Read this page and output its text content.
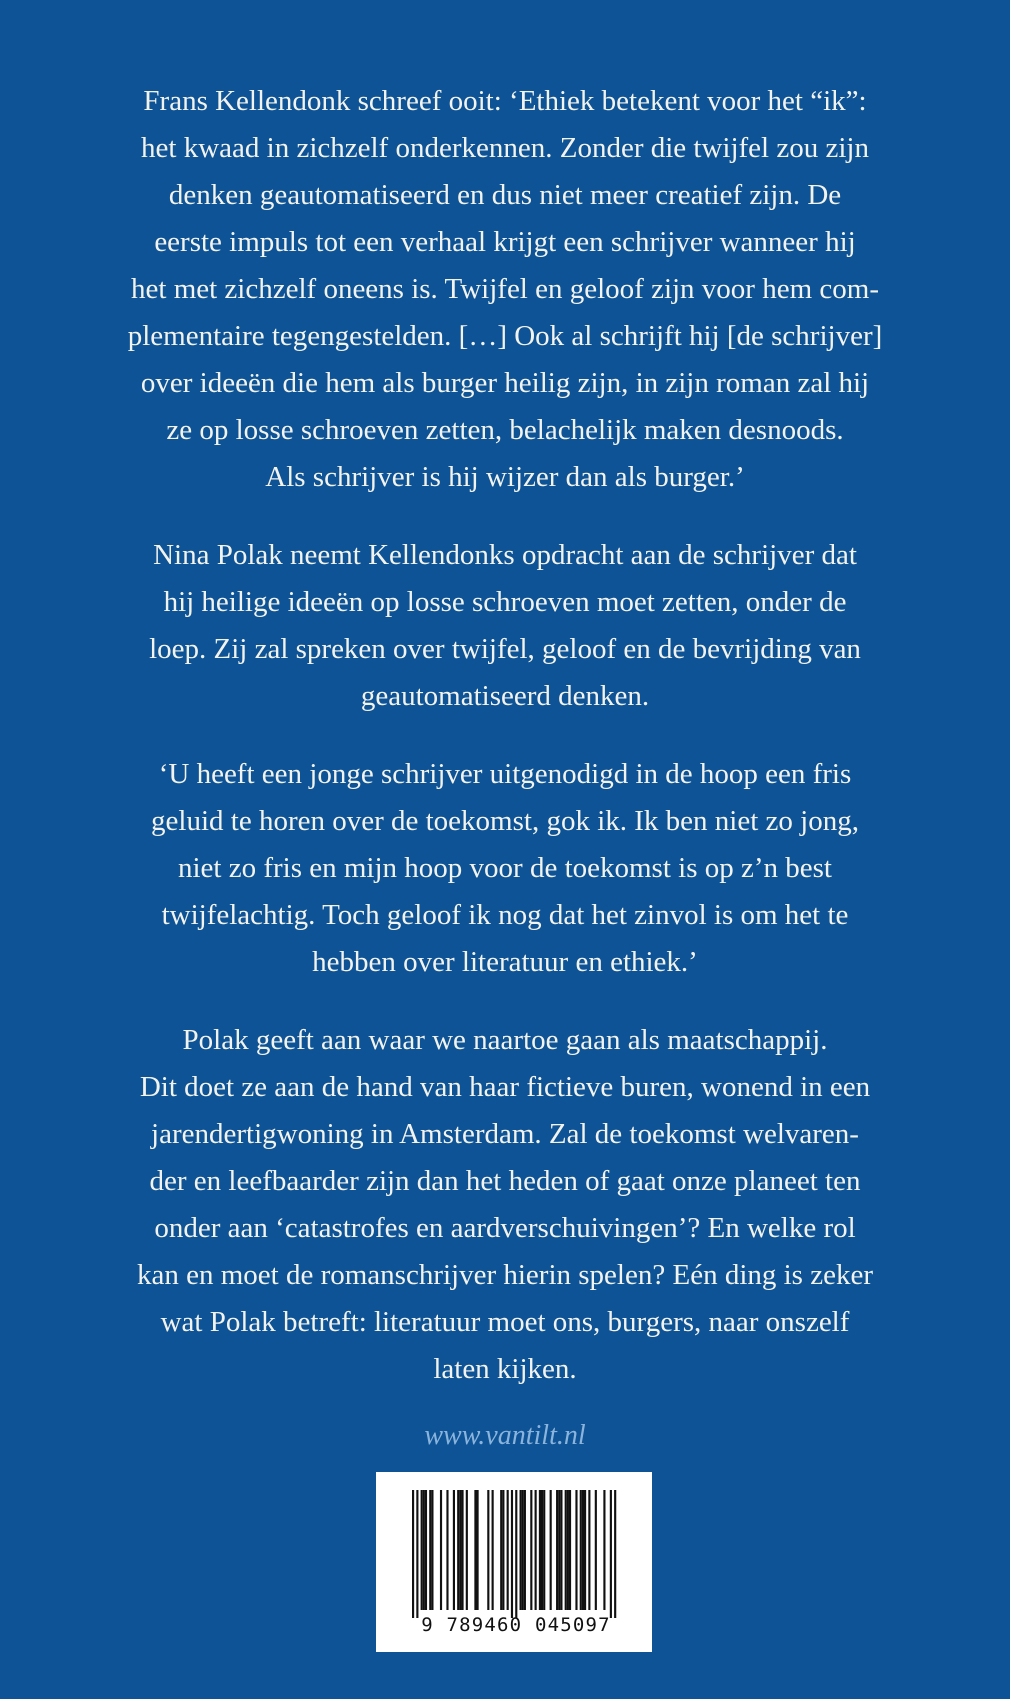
Frans Kellendonk schreef ooit: ‘Ethiek betekent voor het “ik”:
het kwaad in zichzelf onderkennen. Zonder die twijfel zou zijn
denken geautomatiseerd en dus niet meer creatief zijn. De
eerste impuls tot een verhaal krijgt een schrijver wanneer hij
het met zichzelf oneens is. Twijfel en geloof zijn voor hem com-
plementaire tegengestelden. […] Ook al schrijft hij [de schrijver]
over ideeën die hem als burger heilig zijn, in zijn roman zal hij
ze op losse schroeven zetten, belachelijk maken desnoods.
Als schrijver is hij wijzer dan als burger.’

Nina Polak neemt Kellendonks opdracht aan de schrijver dat
hij heilige ideeën op losse schroeven moet zetten, onder de
loep. Zij zal spreken over twijfel, geloof en de bevrijding van
geautomatiseerd denken.

‘U heeft een jonge schrijver uitgenodigd in de hoop een fris
geluid te horen over de toekomst, gok ik. Ik ben niet zo jong,
niet zo fris en mijn hoop voor de toekomst is op z’n best
twijfelachtig. Toch geloof ik nog dat het zinvol is om het te
hebben over literatuur en ethiek.’

Polak geeft aan waar we naartoe gaan als maatschappij.
Dit doet ze aan de hand van haar fictieve buren, wonend in een
jarendertigwoning in Amsterdam. Zal de toekomst welvaren-
der en leefbaarder zijn dan het heden of gaat onze planeet ten
onder aan ‘catastrofes en aardverschuivingen’? En welke rol
kan en moet de romanschrijver hierin spelen? Eén ding is zeker
wat Polak betreft: literatuur moet ons, burgers, naar onszelf
laten kijken.

www.vantilt.nl
9 789460 045097
